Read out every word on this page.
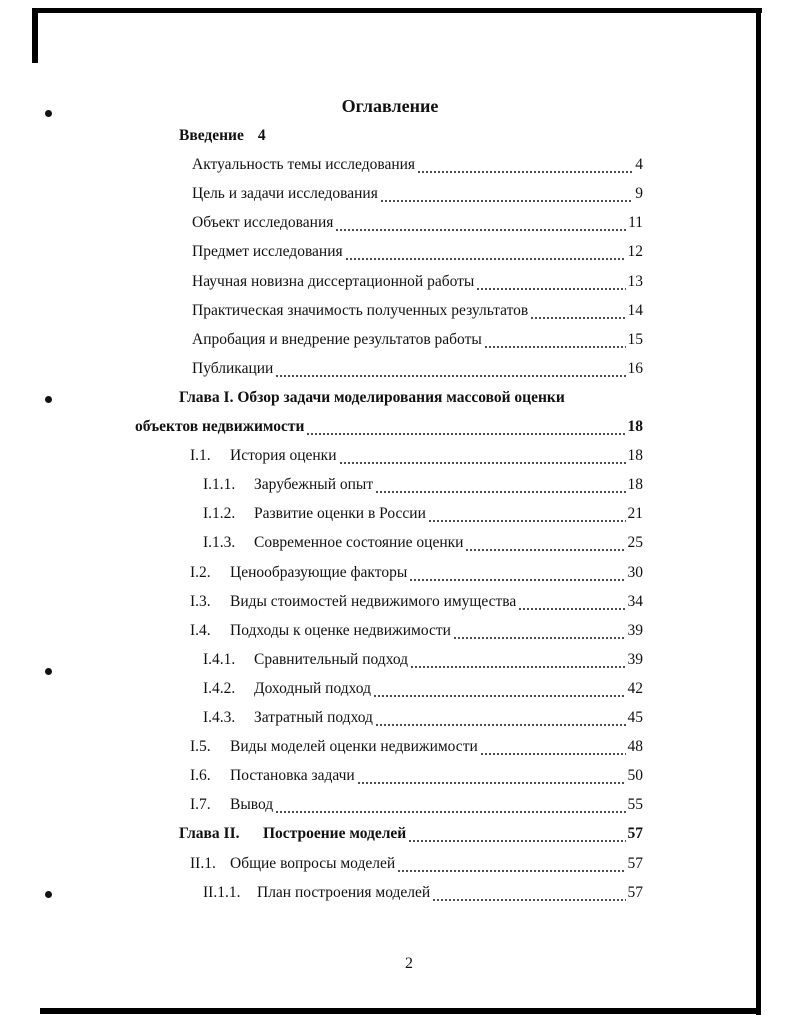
Оглавление
Введение 4
Актуальность темы исследования	4
Цель и задачи исследования	9
Объект исследования	11
Предмет исследования	12
Научная новизна диссертационной работы	13
Практическая значимость полученных результатов	14
Апробация и внедрение результатов работы	15
Публикации	16
Глава I. Обзор задачи моделирования массовой оценки
объектов недвижимости	18
I.1.	История оценки	18
I.1.1.	Зарубежный опыт	18
I.1.2.	Развитие оценки в России	21
I.1.3.	Современное состояние оценки	25
I.2.	Ценообразующие факторы	30
I.3.	Виды стоимостей недвижимого имущества	34
I.4.	Подходы к оценке недвижимости	39
I.4.1.	Сравнительный подход	39
I.4.2.	Доходный подход	42
I.4.3.	Затратный подход	45
I.5.	Виды моделей оценки недвижимости	48
I.6.	Постановка задачи	50
I.7.	Вывод	55
Глава II.	Построение моделей	57
II.1. Общие вопросы моделей	57
II.1.1.	План построения моделей	57
2
